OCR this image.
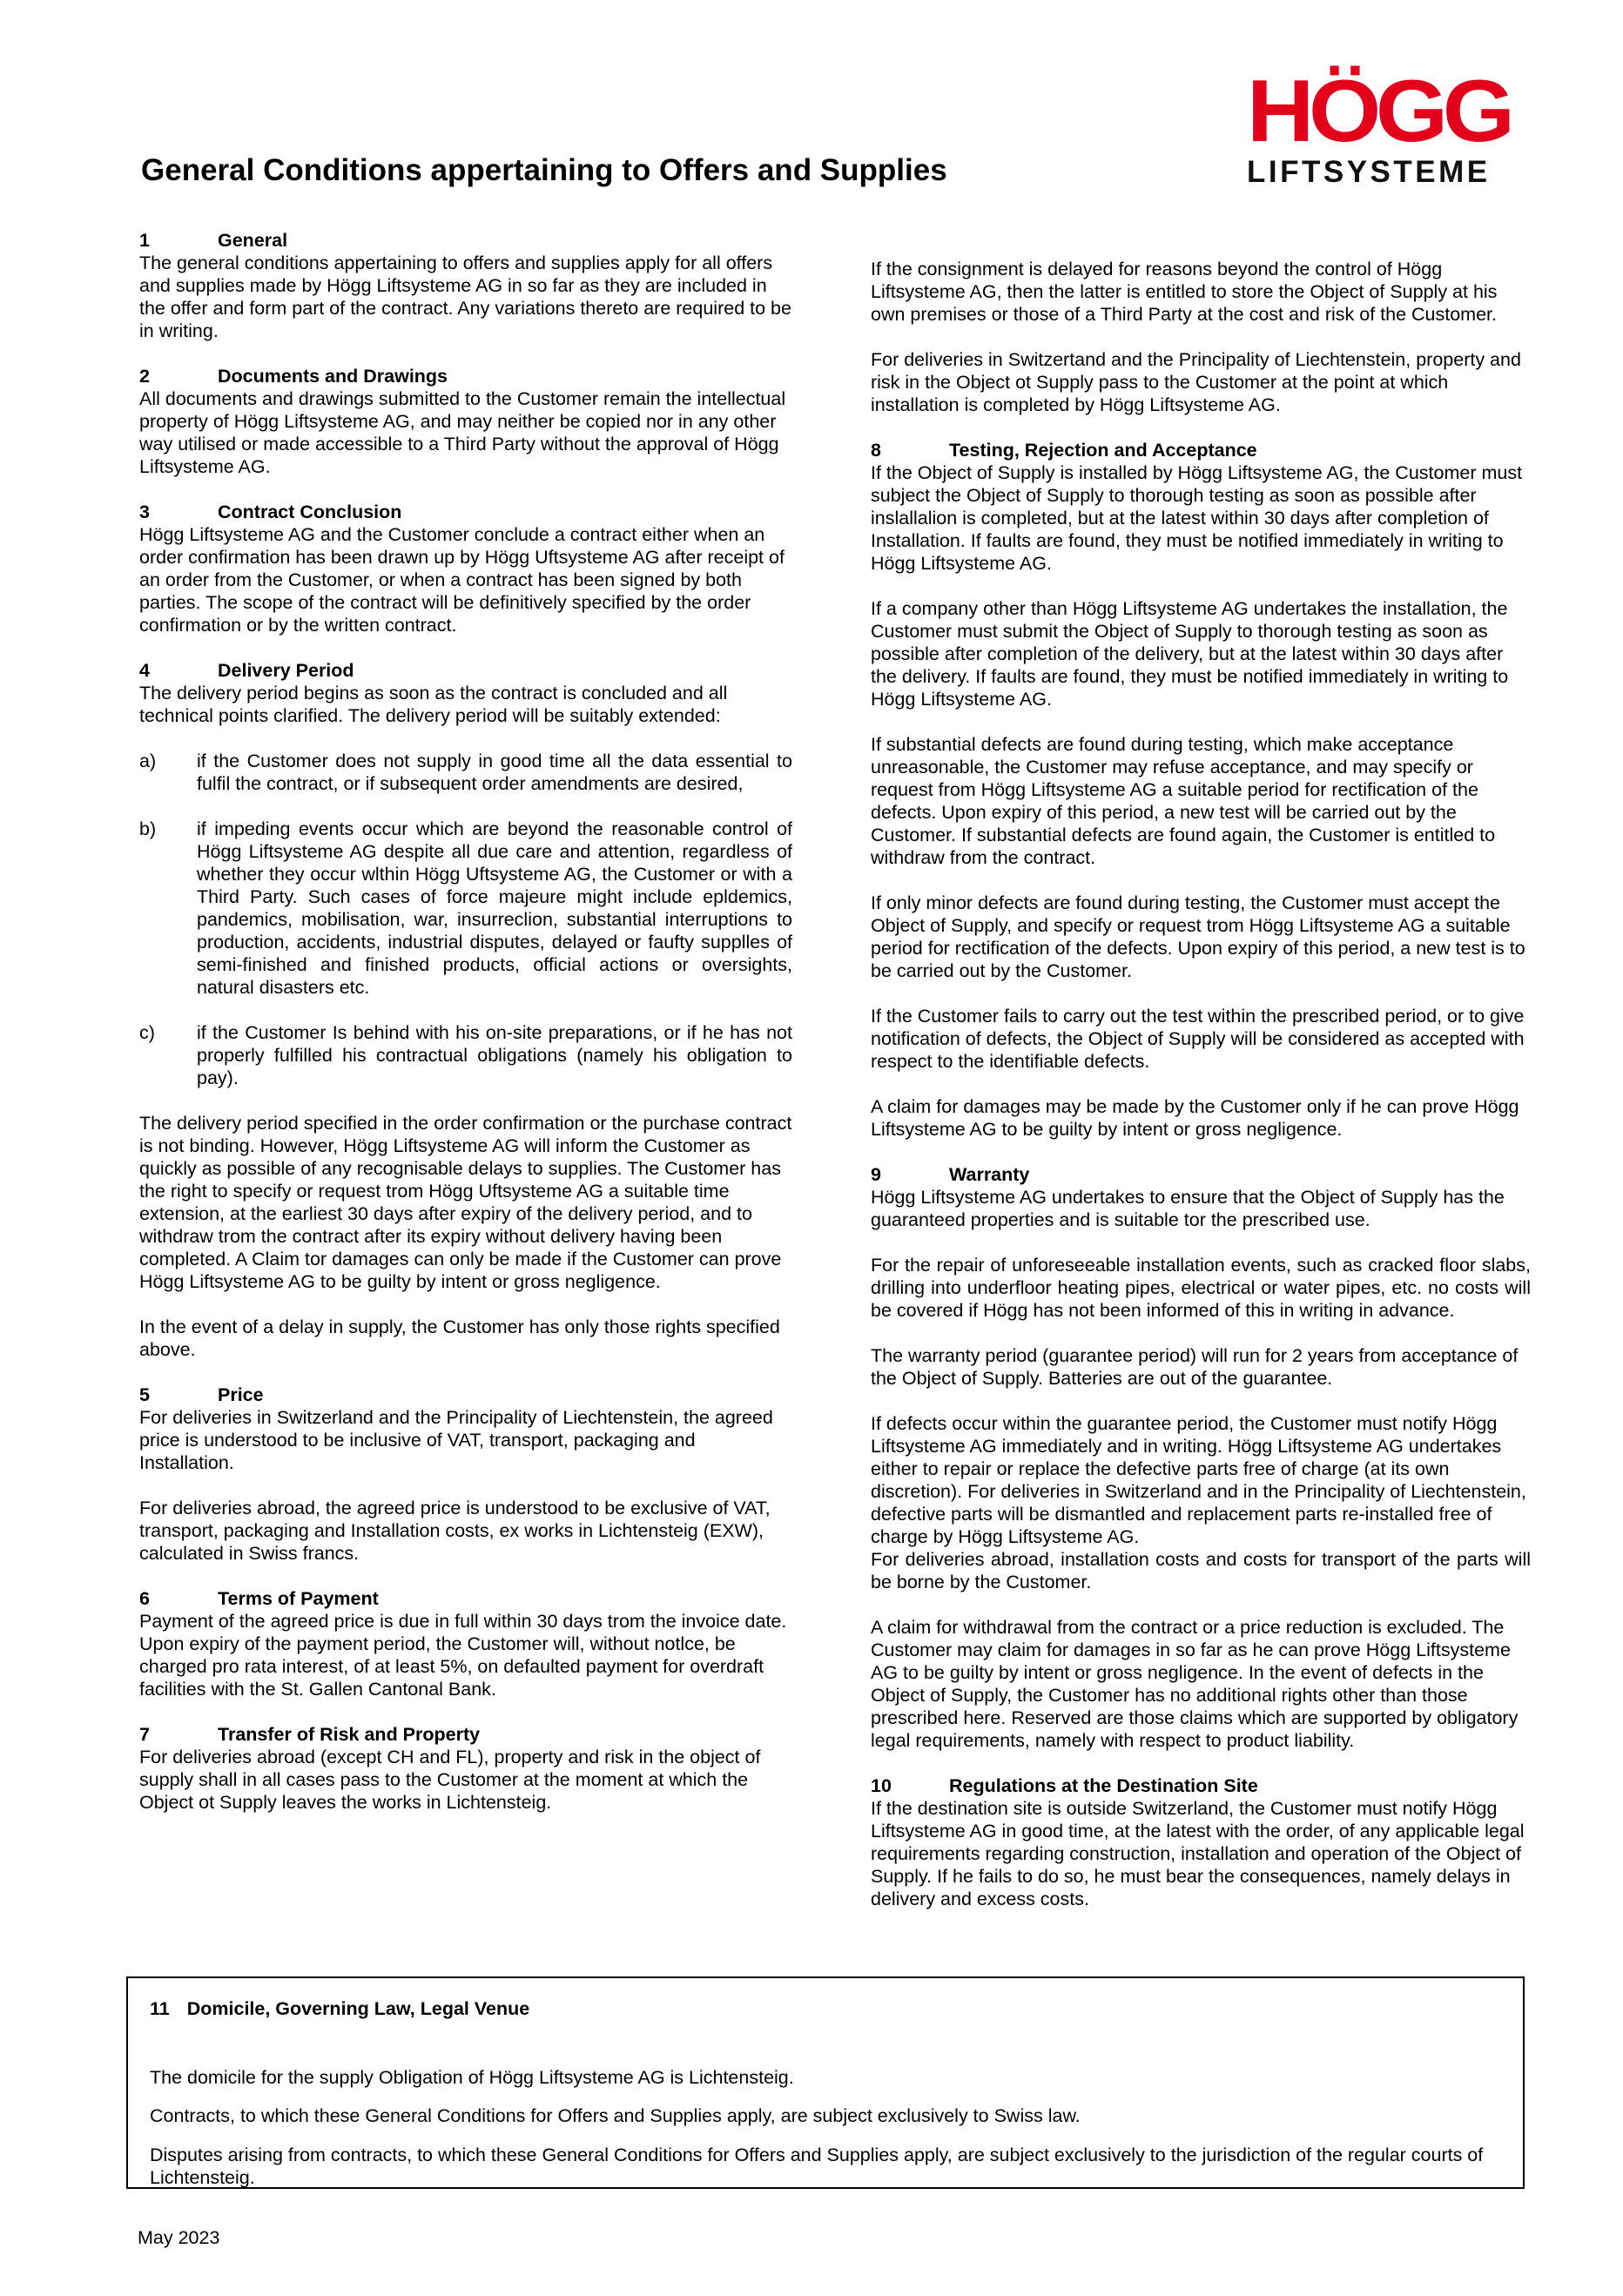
HÖGG
LIFTSYSTEME
General Conditions appertaining to Offers and Supplies
1	General
The general conditions appertaining to offers and supplies apply for all offers and supplies made by Högg Liftsysteme AG in so far as they are included in the offer and form part of the contract. Any variations thereto are required to be in writing.
2	Documents and Drawings
All documents and drawings submitted to the Customer remain the intellectual property of Högg Liftsysteme AG, and may neither be copied nor in any other way utilised or made accessible to a Third Party without the approval of Högg Liftsysteme AG.
3	Contract Conclusion
Högg Liftsysteme AG and the Customer conclude a contract either when an order confirmation has been drawn up by Högg Uftsysteme AG after receipt of an order from the Customer, or when a contract has been signed by both parties. The scope of the contract will be definitively specified by the order confirmation or by the written contract.
4	Delivery Period
The delivery period begins as soon as the contract is concluded and all technical points clarified. The delivery period will be suitably extended:
a)	if the Customer does not supply in good time all the data essential to fulfil the contract, or if subsequent order amendments are desired,
b)	if impeding events occur which are beyond the reasonable control of Högg Liftsysteme AG despite all due care and attention, regardless of whether they occur wlthin Högg Uftsysteme AG, the Customer or with a Third Party. Such cases of force majeure might include epldemics, pandemics, mobilisation, war, insurreclion, substantial interruptions to production, accidents, industrial disputes, delayed or faufty supplles of semi-finished and finished products, official actions or oversights, natural disasters etc.
c)	if the Customer Is behind with his on-site preparations, or if he has not properly fulfilled his contractual obligations (namely his obligation to pay).
The delivery period specified in the order confirmation or the purchase contract is not binding. However, Högg Liftsysteme AG will inform the Customer as quickly as possible of any recognisable delays to supplies. The Customer has the right to specify or request trom Högg Uftsysteme AG a suitable time extension, at the earliest 30 days after expiry of the delivery period, and to withdraw trom the contract after its expiry without delivery having been completed. A Claim tor damages can only be made if the Customer can prove Högg Liftsysteme AG to be guilty by intent or gross negligence.
In the event of a delay in supply, the Customer has only those rights specified above.
5	Price
For deliveries in Switzerland and the Principality of Liechtenstein, the agreed price is understood to be inclusive of VAT, transport, packaging and Installation.
For deliveries abroad, the agreed price is understood to be exclusive of VAT, transport, packaging and Installation costs, ex works in Lichtensteig (EXW), calculated in Swiss francs.
6	Terms of Payment
Payment of the agreed price is due in full within 30 days trom the invoice date. Upon expiry of the payment period, the Customer will, without notlce, be charged pro rata interest, of at least 5%, on defaulted payment for overdraft facilities with the St. Gallen Cantonal Bank.
7	Transfer of Risk and Property
For deliveries abroad (except CH and FL), property and risk in the object of supply shall in all cases pass to the Customer at the moment at which the Object ot Supply leaves the works in Lichtensteig.
If the consignment is delayed for reasons beyond the control of Högg Liftsysteme AG, then the latter is entitled to store the Object of Supply at his own premises or those of a Third Party at the cost and risk of the Customer.
For deliveries in Switzertand and the Principality of Liechtenstein, property and risk in the Object ot Supply pass to the Customer at the point at which installation is completed by Högg Liftsysteme AG.
8	Testing, Rejection and Acceptance
If the Object of Supply is installed by Högg Liftsysteme AG, the Customer must subject the Object of Supply to thorough testing as soon as possible after inslallalion is completed, but at the latest within 30 days after completion of Installation. If faults are found, they must be notified immediately in writing to Högg Liftsysteme AG.
If a company other than Högg Liftsysteme AG undertakes the installation, the Customer must submit the Object of Supply to thorough testing as soon as possible after completion of the delivery, but at the latest within 30 days after the delivery. If faults are found, they must be notified immediately in writing to Högg Liftsysteme AG.
If substantial defects are found during testing, which make acceptance unreasonable, the Customer may refuse acceptance, and may specify or request from Högg Liftsysteme AG a suitable period for rectification of the defects. Upon expiry of this period, a new test will be carried out by the Customer. If substantial defects are found again, the Customer is entitled to withdraw from the contract.
If only minor defects are found during testing, the Customer must accept the Object of Supply, and specify or request trom Högg Liftsysteme AG a suitable period for rectification of the defects. Upon expiry of this period, a new test is to be carried out by the Customer.
If the Customer fails to carry out the test within the prescribed period, or to give notification of defects, the Object of Supply will be considered as accepted with respect to the identifiable defects.
A claim for damages may be made by the Customer only if he can prove Högg Liftsysteme AG to be guilty by intent or gross negligence.
9	Warranty
Högg Liftsysteme AG undertakes to ensure that the Object of Supply has the guaranteed properties and is suitable tor the prescribed use.
For the repair of unforeseeable installation events, such as cracked floor slabs, drilling into underfloor heating pipes, electrical or water pipes, etc. no costs will be covered if Högg has not been informed of this in writing in advance.
The warranty period (guarantee period) will run for 2 years from acceptance of the Object of Supply. Batteries are out of the guarantee.
If defects occur within the guarantee period, the Customer must notify Högg Liftsysteme AG immediately and in writing. Högg Liftsysteme AG undertakes either to repair or replace the defective parts free of charge (at its own discretion). For deliveries in Switzerland and in the Principality of Liechtenstein, defective parts will be dismantled and replacement parts re-installed free of charge by Högg Liftsysteme AG.
For deliveries abroad, installation costs and costs for transport of the parts will be borne by the Customer.
A claim for withdrawal from the contract or a price reduction is excluded. The Customer may claim for damages in so far as he can prove Högg Liftsysteme AG to be guilty by intent or gross negligence. In the event of defects in the Object of Supply, the Customer has no additional rights other than those prescribed here. Reserved are those claims which are supported by obligatory legal requirements, namely with respect to product liability.
10	Regulations at the Destination Site
If the destination site is outside Switzerland, the Customer must notify Högg Liftsysteme AG in good time, at the latest with the order, of any applicable legal requirements regarding construction, installation and operation of the Object of Supply. If he fails to do so, he must bear the consequences, namely delays in delivery and excess costs.
11 Domicile, Governing Law, Legal Venue
The domicile for the supply Obligation of Högg Liftsysteme AG is Lichtensteig.
Contracts, to which these General Conditions for Offers and Supplies apply, are subject exclusively to Swiss law.
Disputes arising from contracts, to which these General Conditions for Offers and Supplies apply, are subject exclusively to the jurisdiction of the regular courts of Lichtensteig.
May 2023
